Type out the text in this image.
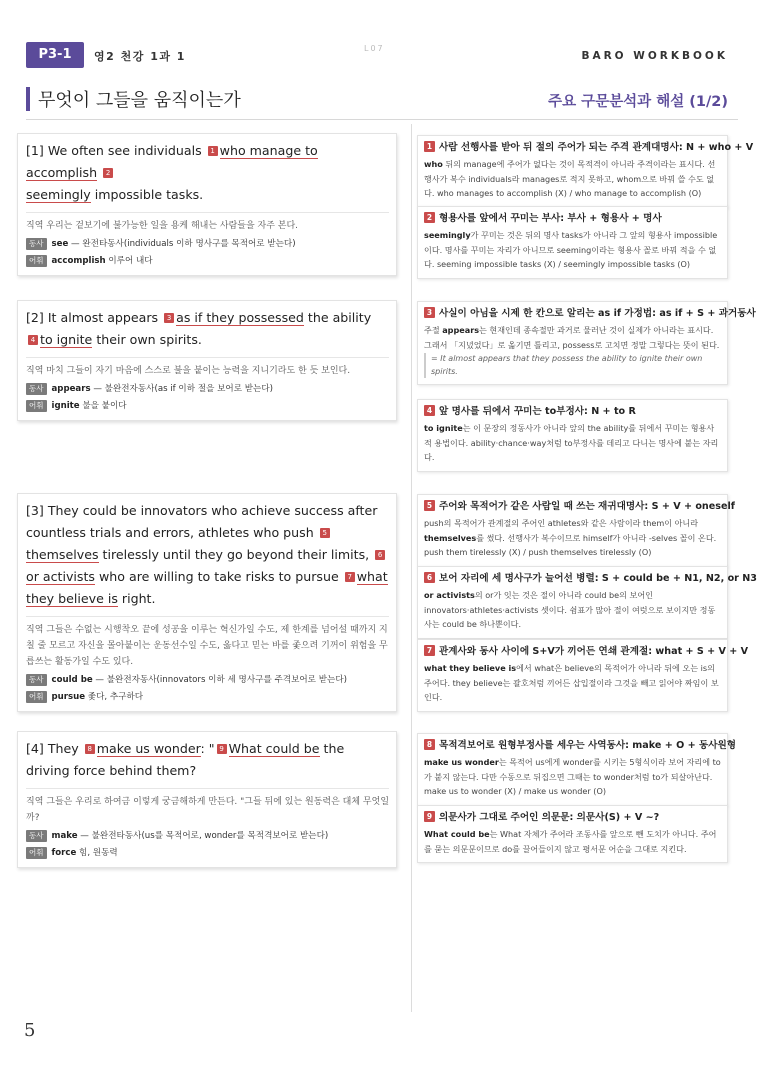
P3-1	영2 천강 1과 1
L07
BARO WORKBOOK
무엇이 그들을 움직이는가	주요 구문분석과 해설 (1/2)
[1] We often see individuals 1 who manage to accomplish 2
seemingly impossible tasks.
직역 우리는 겉보기에 불가능한 일을 용케 해내는 사람들을 자주 본다.
동사 see — 완전타동사(individuals 이하 명사구를 목적어로 받는다)
어휘 accomplish 이루어 내다
[2] It almost appears 3 as if they possessed the ability 4 to ignite their own spirits.
직역 마치 그들이 자기 마음에 스스로 불을 붙이는 능력을 지니기라도 한 듯 보인다.
동사 appears — 불완전자동사(as if 이하 절을 보어로 받는다)
어휘 ignite 불을 붙이다
[3] They could be innovators who achieve success after countless trials and errors, athletes who push 5themselves tirelessly until they go beyond their limits, 6or activists who are willing to take risks to pursue 7 what they believe is right.
직역 그들은 수없는 시행착오 끝에 성공을 이루는 혁신가일 수도, 제 한계를 넘어설 때까지 지칠 줄 모르고 자신을 몰아붙이는 운동선수일 수도, 옳다고 믿는 바를 좇으려 기꺼이 위험을 무릅쓰는 활동가일 수도 있다.
동사 could be — 불완전자동사(innovators 이하 세 명사구를 주격보어로 받는다)
어휘 pursue 좇다, 추구하다
[4] They 8 make us wonder: " 9 What could be the driving force behind them?
직역 그들은 우리로 하여금 이렇게 궁금해하게 만든다. "그들 뒤에 있는 원동력은 대체 무엇일까?
동사 make — 불완전타동사(us를 목적어로, wonder를 목적격보어로 받는다)
어휘 force 힘, 원동력
1 사람 선행사를 받아 뒤 절의 주어가 되는 주격 관계대명사: N + who + V
who 뒤의 manage에 주어가 없다는 것이 목적격이 아니라 주격이라는 표시다. 선행사가 복수 individuals라 manages로 적지 못하고, whom으로 바꿔 쓸 수도 없다. who manages to accomplish (X) / who manage to accomplish (O)
2 형용사를 앞에서 꾸미는 부사: 부사 + 형용사 + 명사
seemingly가 꾸미는 것은 뒤의 명사 tasks가 아니라 그 앞의 형용사 impossible이다. 명사를 꾸미는 자리가 아니므로 seeming이라는 형용사 꼴로 바꿔 적을 수 없다. seeming impossible tasks (X) / seemingly impossible tasks (O)
3 사실이 아님을 시제 한 칸으로 알리는 as if 가정법: as if + S + 과거동사
주절 appears는 현재인데 종속절만 과거로 물러난 것이 실제가 아니라는 표시다. 그래서 「지녔었다」로 옮기면 틀리고, possess로 고치면 정말 그렇다는 뜻이 된다.
= It almost appears that they possess the ability to ignite their own spirits.
4 앞 명사를 뒤에서 꾸미는 to부정사: N + to R
to ignite는 이 문장의 정동사가 아니라 앞의 the ability를 뒤에서 꾸미는 형용사적 용법이다. ability·chance·way처럼 to부정사를 데리고 다니는 명사에 붙는 자리다.
5 주어와 목적어가 같은 사람일 때 쓰는 재귀대명사: S + V + oneself
push의 목적어가 관계절의 주어인 athletes와 같은 사람이라 them이 아니라 themselves를 썼다. 선행사가 복수이므로 himself가 아니라 -selves 꼴이 온다. push them tirelessly (X) / push themselves tirelessly (O)
6 보어 자리에 세 명사구가 늘어선 병렬: S + could be + N1, N2, or N3
or activists의 or가 잇는 것은 절이 아니라 could be의 보어인 innovators·athletes·activists 셋이다. 쉼표가 많아 절이 여럿으로 보이지만 정동사는 could be 하나뿐이다.
7 관계사와 동사 사이에 S+V가 끼어든 연쇄 관계절: what + S + V + V
what they believe is에서 what은 believe의 목적어가 아니라 뒤에 오는 is의 주어다. they believe는 괄호처럼 끼어든 삽입절이라 그것을 빼고 읽어야 짜임이 보인다.
8 목적격보어로 원형부정사를 세우는 사역동사: make + O + 동사원형
make us wonder는 목적어 us에게 wonder를 시키는 5형식이라 보어 자리에 to가 붙지 않는다. 다만 수동으로 뒤집으면 그때는 to wonder처럼 to가 되살아난다. make us to wonder (X) / make us wonder (O)
9 의문사가 그대로 주어인 의문문: 의문사(S) + V ~?
What could be는 What 자체가 주어라 조동사를 앞으로 뺀 도치가 아니다. 주어를 묻는 의문문이므로 do를 끌어들이지 않고 평서문 어순을 그대로 지킨다.
5
